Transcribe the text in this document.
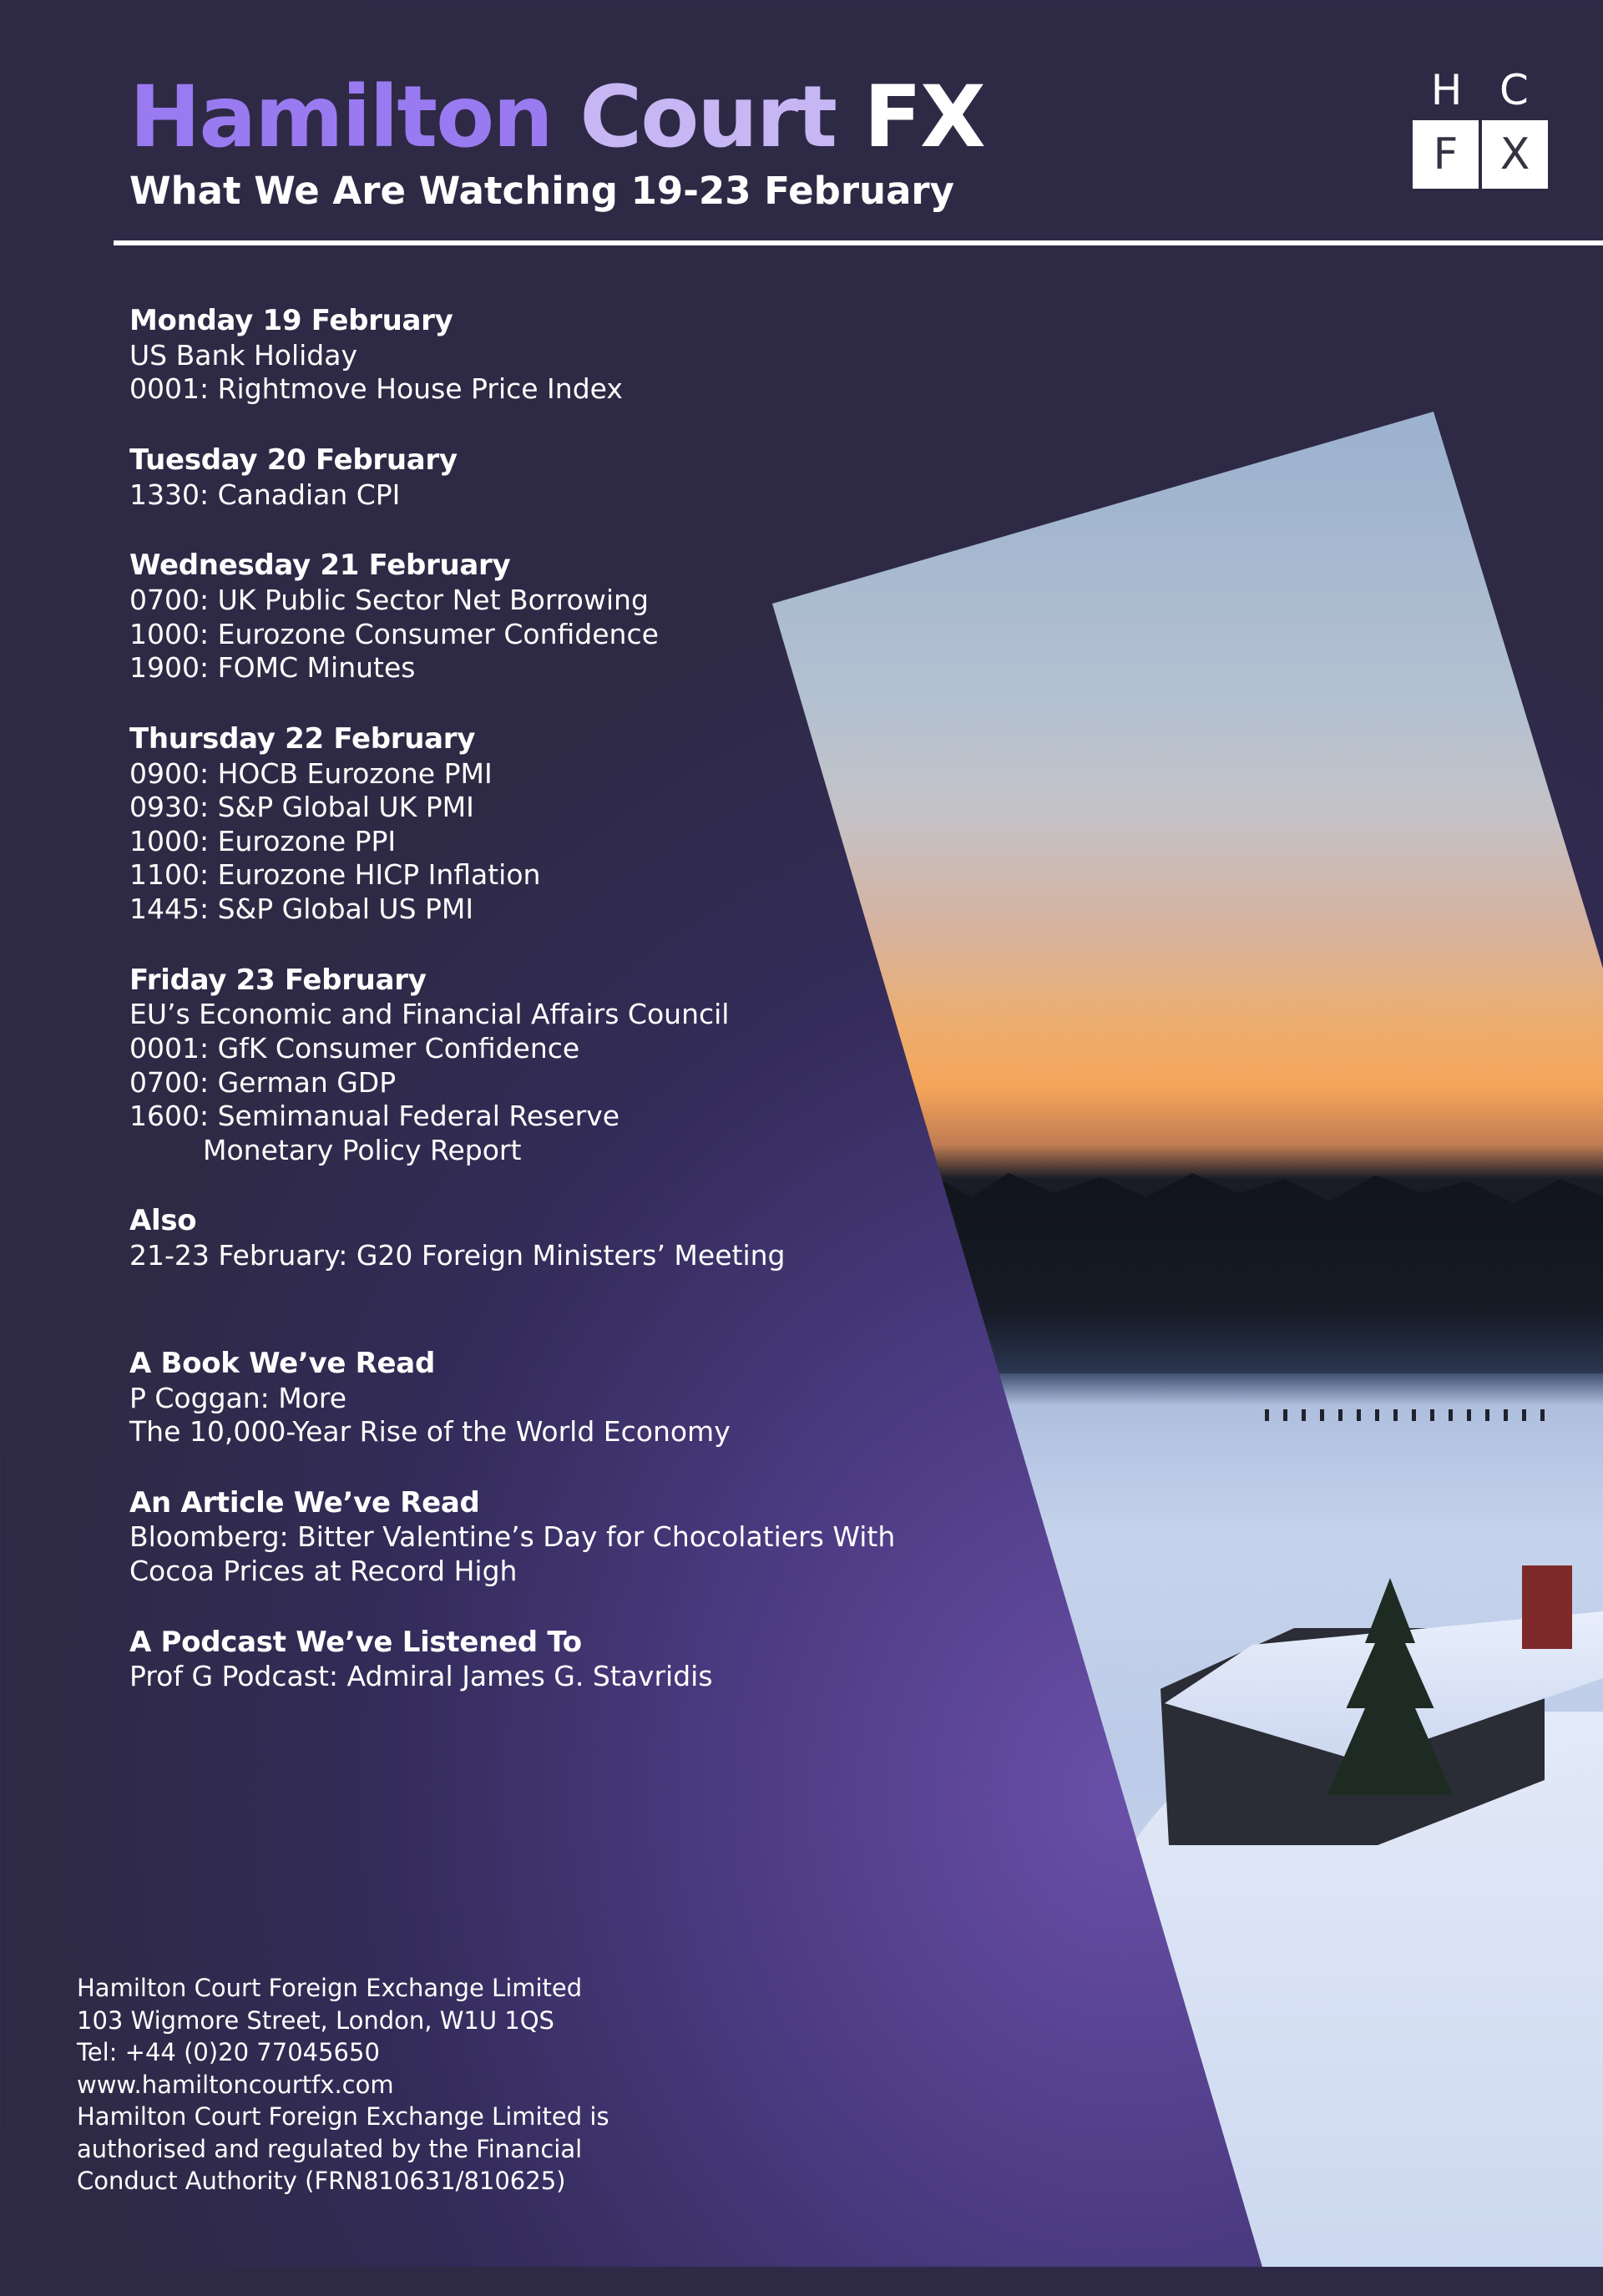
Hamilton Court FX
What We Are Watching 19-23 February
H C
F X
Monday 19 February
US Bank Holiday
0001: Rightmove House Price Index
Tuesday 20 February
1330: Canadian CPI
Wednesday 21 February
0700: UK Public Sector Net Borrowing
1000: Eurozone Consumer Confidence
1900: FOMC Minutes
Thursday 22 February
0900: HOCB Eurozone PMI
0930: S&P Global UK PMI
1000: Eurozone PPI
1100: Eurozone HICP Inflation
1445: S&P Global US PMI
Friday 23 February
EU’s Economic and Financial Affairs Council
0001: GfK Consumer Confidence
0700: German GDP
1600: Semimanual Federal Reserve
Monetary Policy Report
Also
21-23 February: G20 Foreign Ministers’ Meeting
A Book We’ve Read
P Coggan: More
The 10,000-Year Rise of the World Economy
An Article We’ve Read
Bloomberg: Bitter Valentine’s Day for Chocolatiers With
Cocoa Prices at Record High
A Podcast We’ve Listened To
Prof G Podcast: Admiral James G. Stavridis
Hamilton Court Foreign Exchange Limited
103 Wigmore Street, London, W1U 1QS
Tel: +44 (0)20 77045650
www.hamiltoncourtfx.com
Hamilton Court Foreign Exchange Limited is
authorised and regulated by the Financial
Conduct Authority (FRN810631/810625)
